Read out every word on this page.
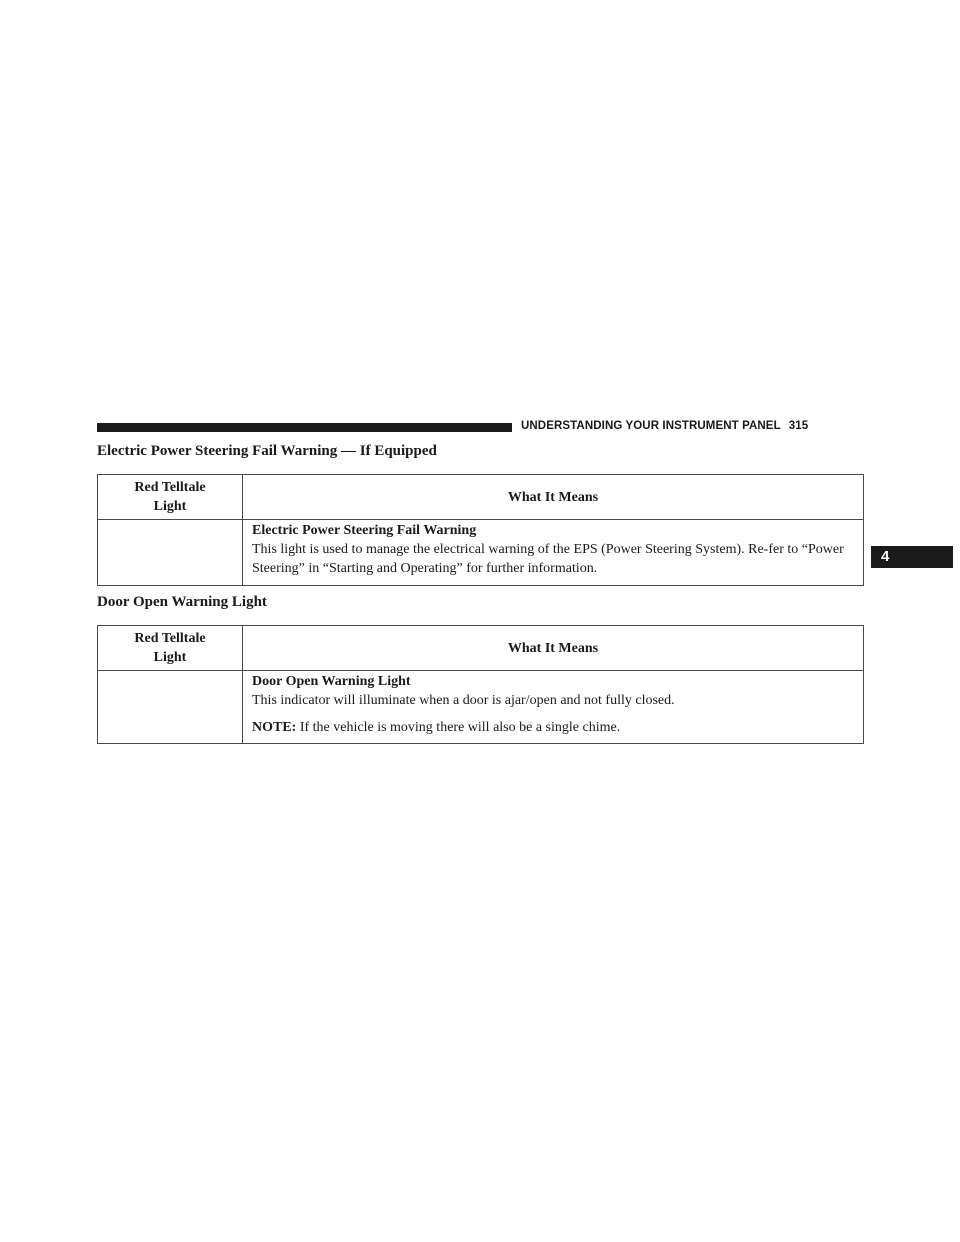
UNDERSTANDING YOUR INSTRUMENT PANEL 315
4
Electric Power Steering Fail Warning — If Equipped
Red Telltale
Light	What It Means

	Electric Power Steering Fail Warning
This light is used to manage the electrical warning of the EPS (Power Steering System). Re-fer to “Power Steering” in “Starting and Operating” for further information.
Door Open Warning Light
Red Telltale
Light	What It Means

	Door Open Warning Light
This indicator will illuminate when a door is ajar/open and not fully closed.
NOTE: If the vehicle is moving there will also be a single chime.
